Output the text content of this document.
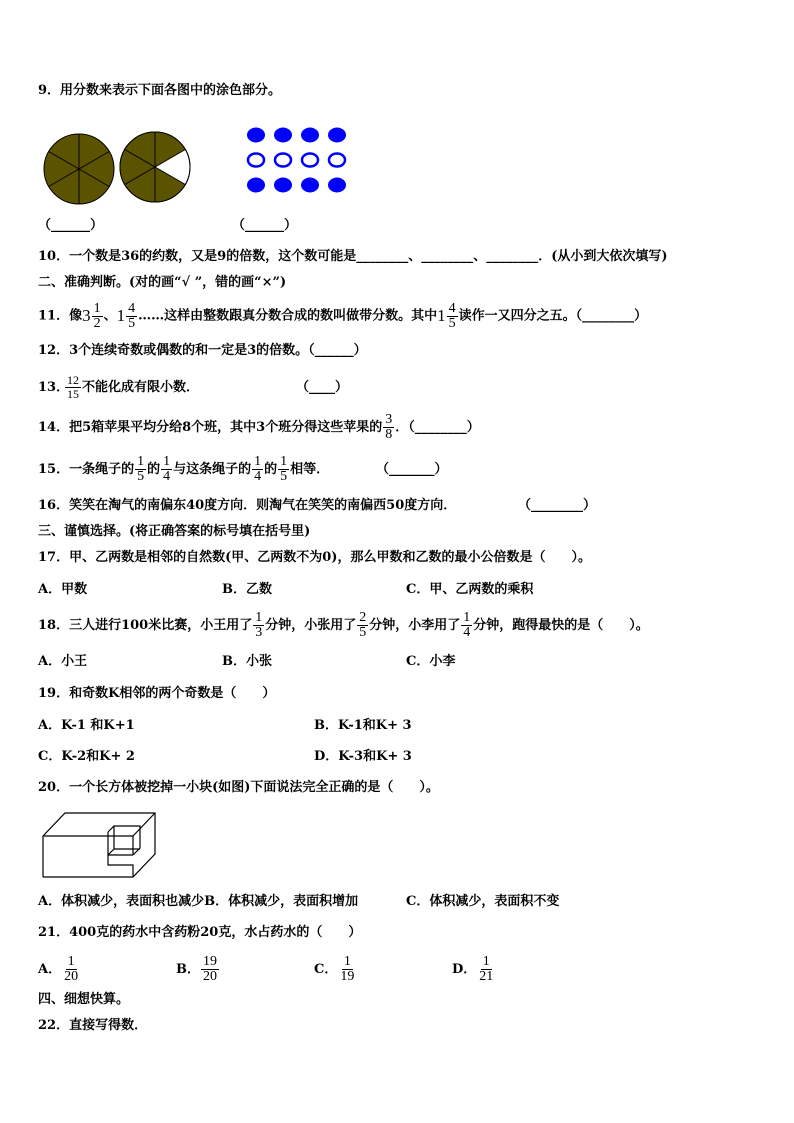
9．用分数来表示下面各图中的涂色部分。
（______）	（______）
10．一个数是36的约数，又是9的倍数，这个数可能是________、________、________．(从小到大依次填写)
二、准确判断。(对的画“√ ”，错的画“×”)
11．像 $3 \frac{1}{2}$ 、 $1 \frac{4}{5}$ ……这样由整数跟真分数合成的数叫做带分数。其中 $1 \frac{4}{5}$ 读作一又四分之五。（________）
12．3个连续奇数或偶数的和一定是3的倍数。（______）
$\frac{12}{15}$ 不能化成有限小数．
13．	（____）
14．把5箱苹果平均分给8个班，其中3个班分得这些苹果的 $\frac{3}{8}$ ．（________）
15．一条绳子的 $\frac{1}{5}$ 的 $\frac{1}{4}$ 与这条绳子的 $\frac{1}{4}$ 的 $\frac{1}{5}$ 相等．	（_______）
16．笑笑在淘气的南偏东40度方向．则淘气在笑笑的南偏西50度方向．	（________）
三、谨慎选择。(将正确答案的标号填在括号里)
17．甲、乙两数是相邻的自然数(甲、乙两数不为0)，那么甲数和乙数的最小公倍数是（　　）。
A．甲数	B．乙数	C．甲、乙两数的乘积
18．三人进行100米比赛，小王用了 $\frac{1}{3}$ 分钟，小张用了 $\frac{2}{5}$ 分钟，小李用了 $\frac{1}{4}$ 分钟，跑得最快的是（　　）。
A．小王	B．小张	C．小李
19．和奇数K相邻的两个奇数是（　　）
A．K-1 和K+1	B．K-1和K+ 3
C．K-2和K+ 2	D．K-3和K+ 3
20．一个长方体被挖掉一小块(如图)下面说法完全正确的是（　　）。
A．体积减少，表面积也减少B．体积减少，表面积增加	C．体积减少，表面积不变
21．400克的药水中含药粉20克，水占药水的（　　）
A． $\frac{1}{20}$	B． $\frac{19}{20}$	C． $\frac{1}{19}$	D． $\frac{1}{21}$
四、细想快算。
22．直接写得数．
